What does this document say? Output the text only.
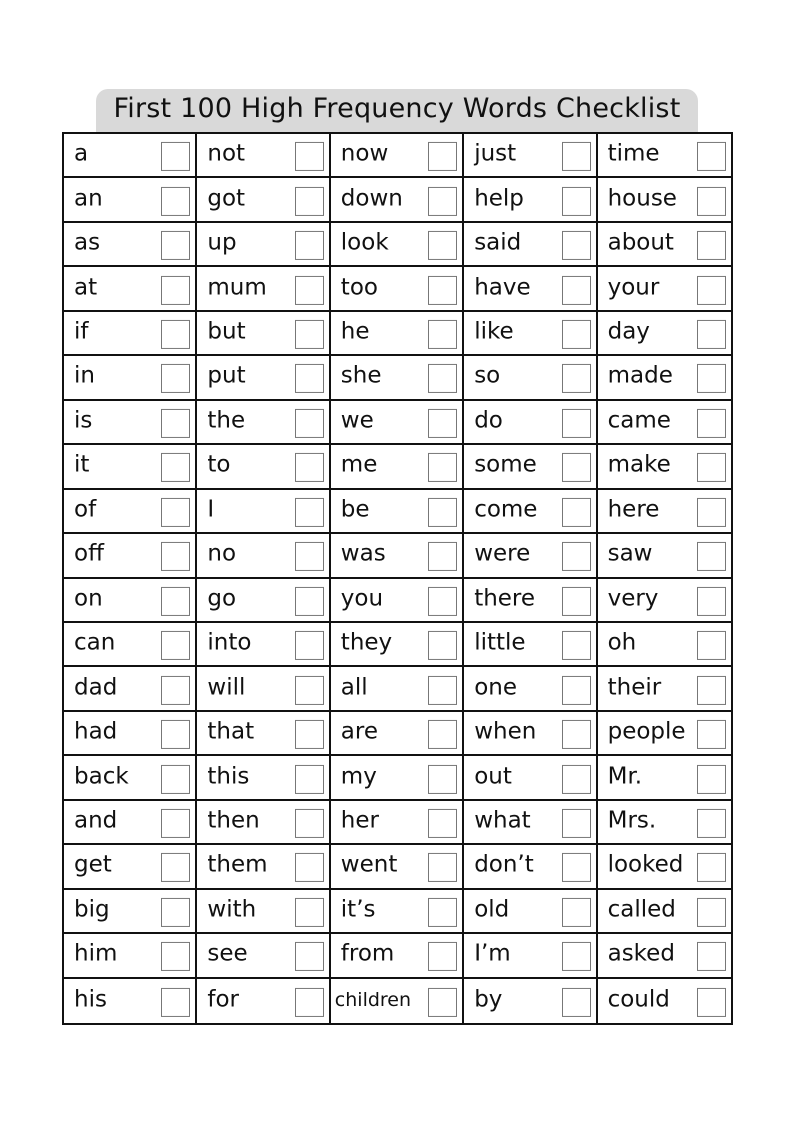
First 100 High Frequency Words Checklist
a	not	now	just	time
an	got	down	help	house
as	up	look	said	about
at	mum	too	have	your
if	but	he	like	day
in	put	she	so	made
is	the	we	do	came
it	to	me	some	make
of	I	be	come	here
off	no	was	were	saw
on	go	you	there	very
can	into	they	little	oh
dad	will	all	one	their
had	that	are	when	people
back	this	my	out	Mr.
and	then	her	what	Mrs.
get	them	went	don’t	looked
big	with	it’s	old	called
him	see	from	I’m	asked
his	for	children	by	could
